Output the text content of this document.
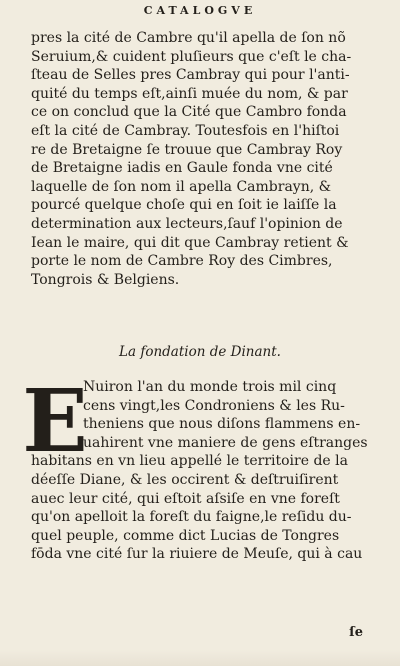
CATALOGVE
pres la cité de Cambre qu'il apella de ſon nõ
Seruium,& cuident pluſieurs que c'eſt le cha-
ſteau de Selles pres Cambray qui pour l'anti-
quité du temps eſt,ainſi muée du nom, & par
ce on conclud que la Cité que Cambro fonda
eſt la cité de Cambray. Toutesfois en l'hiſtoi
re de Bretaigne ſe trouue que Cambray Roy
de Bretaigne iadis en Gaule fonda vne cité
laquelle de ſon nom il apella Cambrayn, &
pourcé quelque choſe qui en ſoit ie laiſſe la
determination aux lecteurs,ſauf l'opinion de
Iean le maire, qui dit que Cambray retient &
porte le nom de Cambre Roy des Cimbres,
Tongrois & Belgiens.
La fondation de Dinant.
E
Nuiron l'an du monde trois mil cinq
cens vingt,les Condroniens & les Ru-
theniens que nous diſons flammens en-
uahirent vne maniere de gens eſtranges
habitans en vn lieu appellé le territoire de la
déeſſe Diane, & les occirent & deſtruiſirent
auec leur cité, qui eſtoit aſsiſe en vne foreſt
qu'on apelloit la foreſt du faigne,le reſidu du-
quel peuple, comme dict Lucias de Tongres
fōda vne cité ſur la riuiere de Meuſe, qui à cau
ſe
